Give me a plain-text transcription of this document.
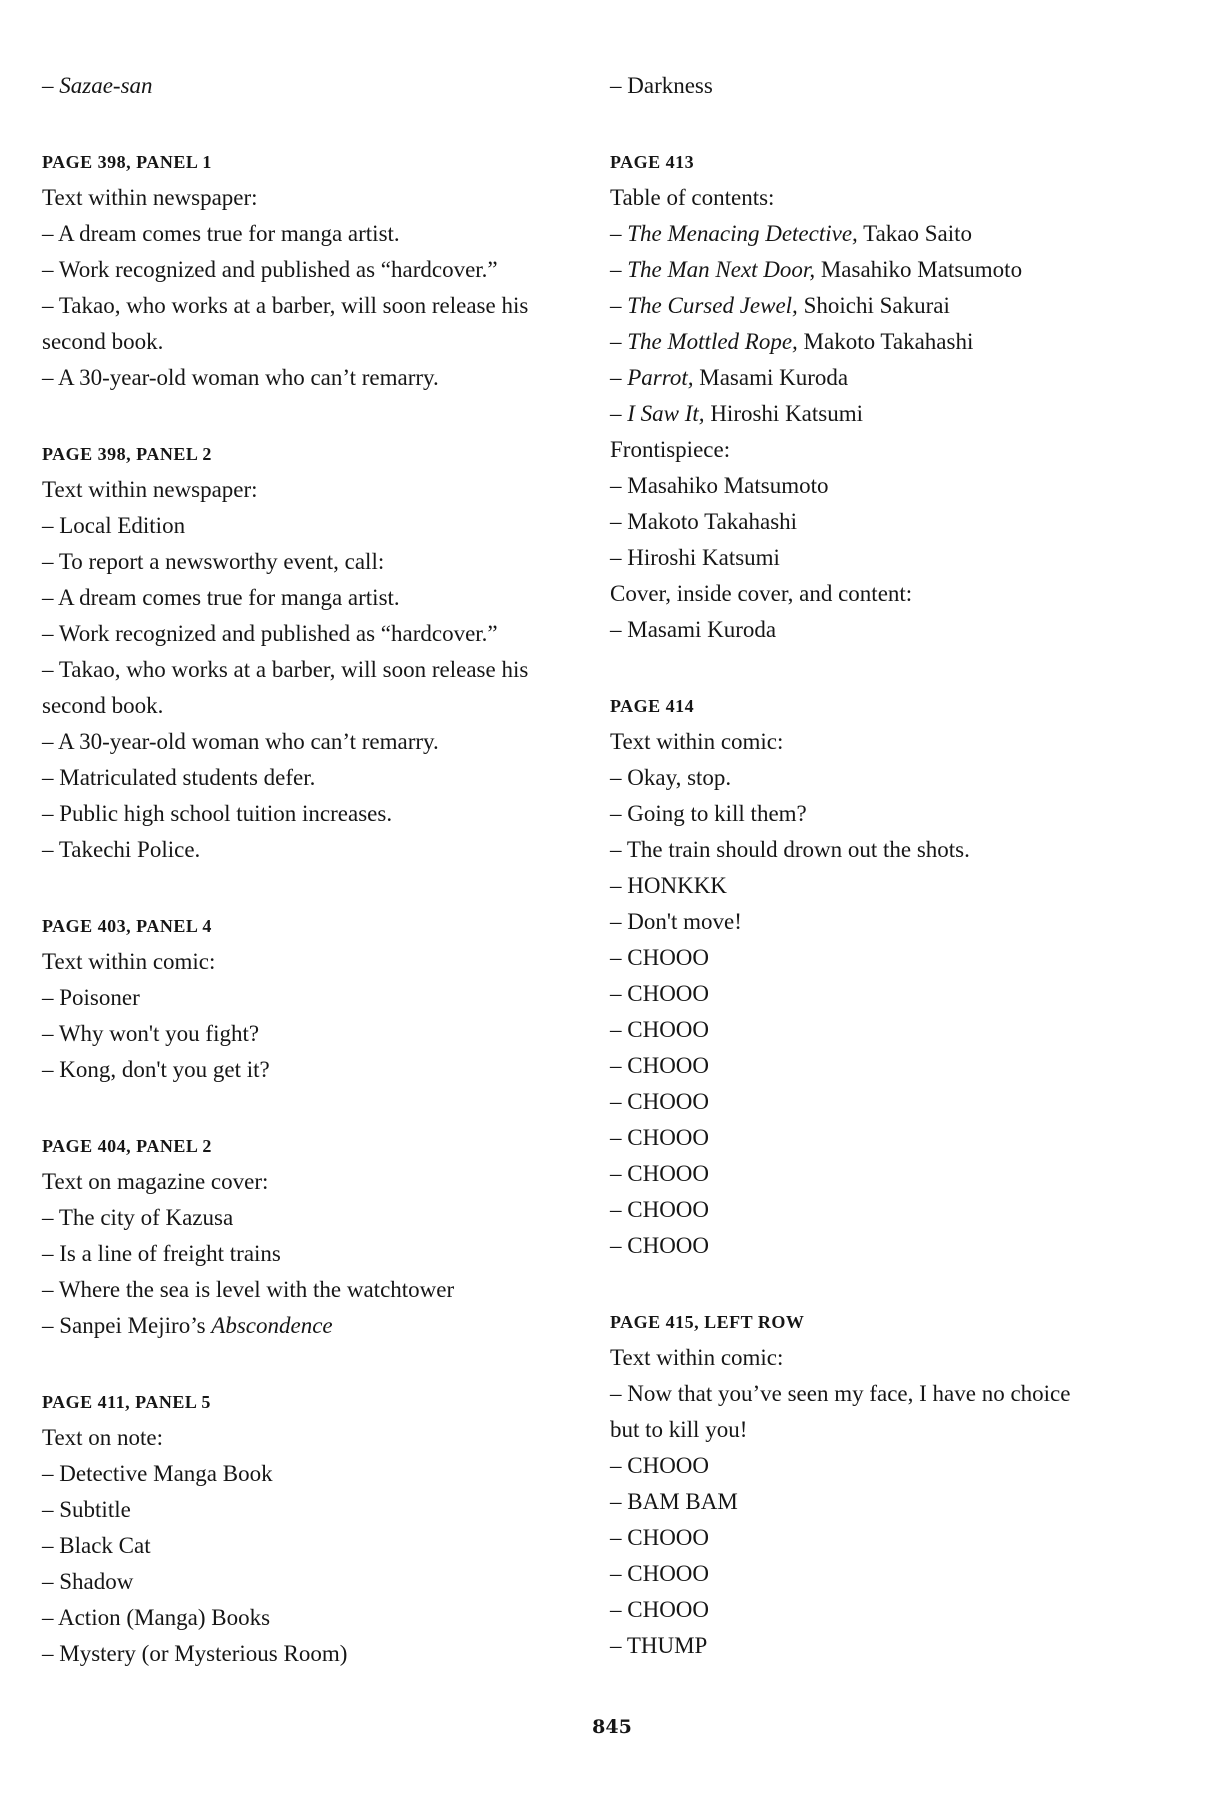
– Sazae-san
PAGE 398, PANEL 1
Text within newspaper:
– A dream comes true for manga artist.
– Work recognized and published as “hardcover.”
– Takao, who works at a barber, will soon release his
second book.
– A 30-year-old woman who can’t remarry.
PAGE 398, PANEL 2
Text within newspaper:
– Local Edition
– To report a newsworthy event, call:
– A dream comes true for manga artist.
– Work recognized and published as “hardcover.”
– Takao, who works at a barber, will soon release his
second book.
– A 30-year-old woman who can’t remarry.
– Matriculated students defer.
– Public high school tuition increases.
– Takechi Police.
PAGE 403, PANEL 4
Text within comic:
– Poisoner
– Why won't you fight?
– Kong, don't you get it?
PAGE 404, PANEL 2
Text on magazine cover:
– The city of Kazusa
– Is a line of freight trains
– Where the sea is level with the watchtower
– Sanpei Mejiro’s Abscondence
PAGE 411, PANEL 5
Text on note:
– Detective Manga Book
– Subtitle
– Black Cat
– Shadow
– Action (Manga) Books
– Mystery (or Mysterious Room)
– Darkness
PAGE 413
Table of contents:
– The Menacing Detective, Takao Saito
– The Man Next Door, Masahiko Matsumoto
– The Cursed Jewel, Shoichi Sakurai
– The Mottled Rope, Makoto Takahashi
– Parrot, Masami Kuroda
– I Saw It, Hiroshi Katsumi
Frontispiece:
– Masahiko Matsumoto
– Makoto Takahashi
– Hiroshi Katsumi
Cover, inside cover, and content:
– Masami Kuroda
PAGE 414
Text within comic:
– Okay, stop.
– Going to kill them?
– The train should drown out the shots.
– HONKKK
– Don't move!
– CHOOO
– CHOOO
– CHOOO
– CHOOO
– CHOOO
– CHOOO
– CHOOO
– CHOOO
– CHOOO
PAGE 415, LEFT ROW
Text within comic:
– Now that you’ve seen my face, I have no choice
but to kill you!
– CHOOO
– BAM BAM
– CHOOO
– CHOOO
– CHOOO
– THUMP
845
